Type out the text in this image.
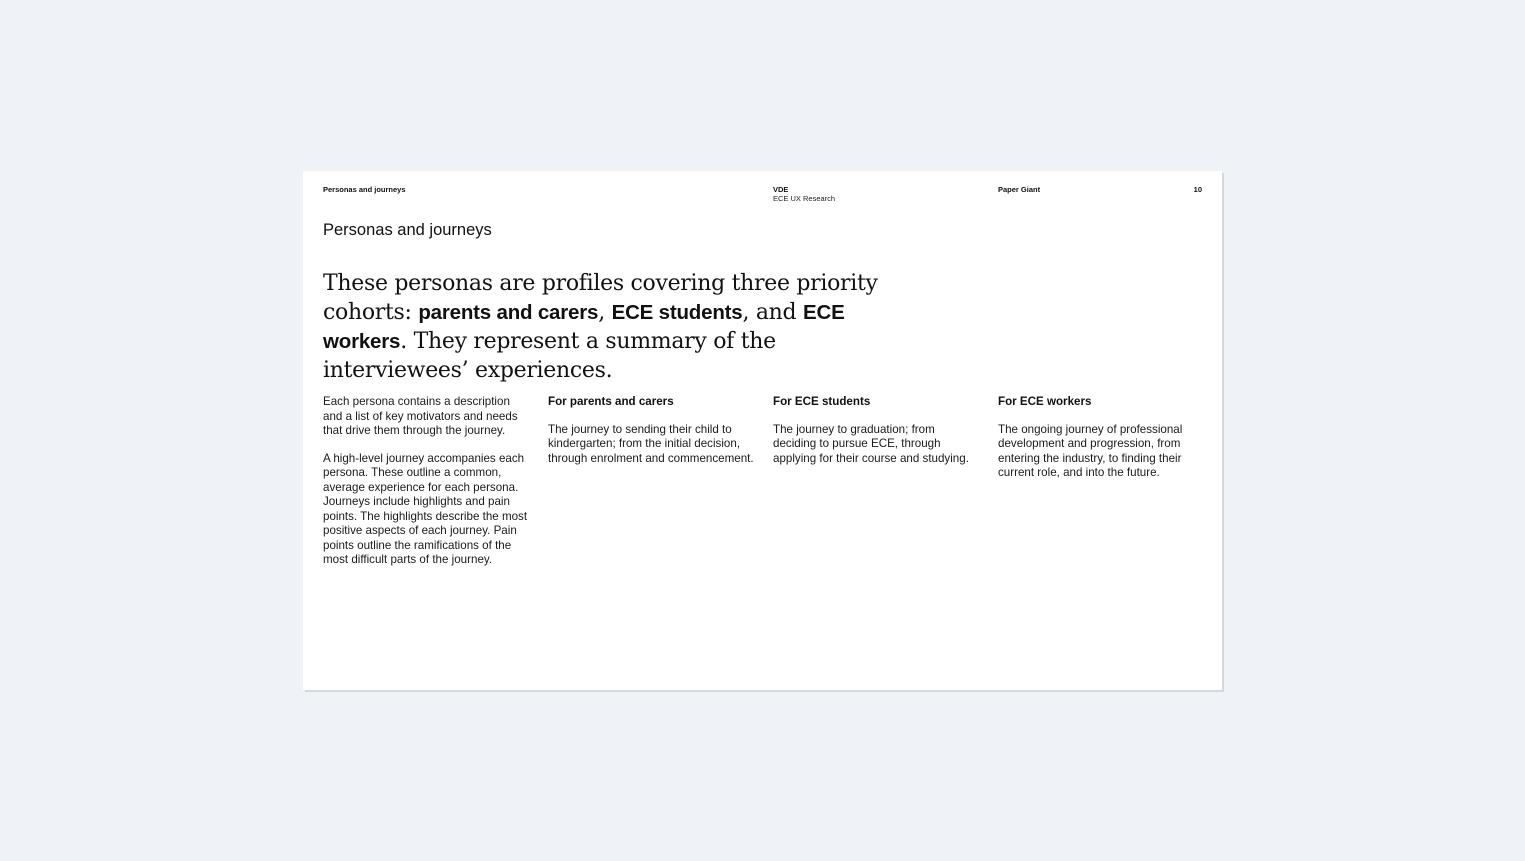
Personas and journeys	VDE
ECE UX Research
Paper Giant	10
Personas and journeys
These personas are profiles covering three priority cohorts: parents and carers, ECE students, and ECE workers. They represent a summary of the interviewees’ experiences.

Each persona contains a description and a list of key motivators and needs that drive them through the journey.

A high-level journey accompanies each persona. These outline a common, average experience for each persona. Journeys include highlights and pain points. The highlights describe the most positive aspects of each journey. Pain points outline the ramifications of the most difficult parts of the journey.

For parents and carers

The journey to sending their child to kindergarten; from the initial decision, through enrolment and commencement.

For ECE students

The journey to graduation; from deciding to pursue ECE, through applying for their course and studying.

For ECE workers

The ongoing journey of professional development and progression, from entering the industry, to finding their current role, and into the future.
